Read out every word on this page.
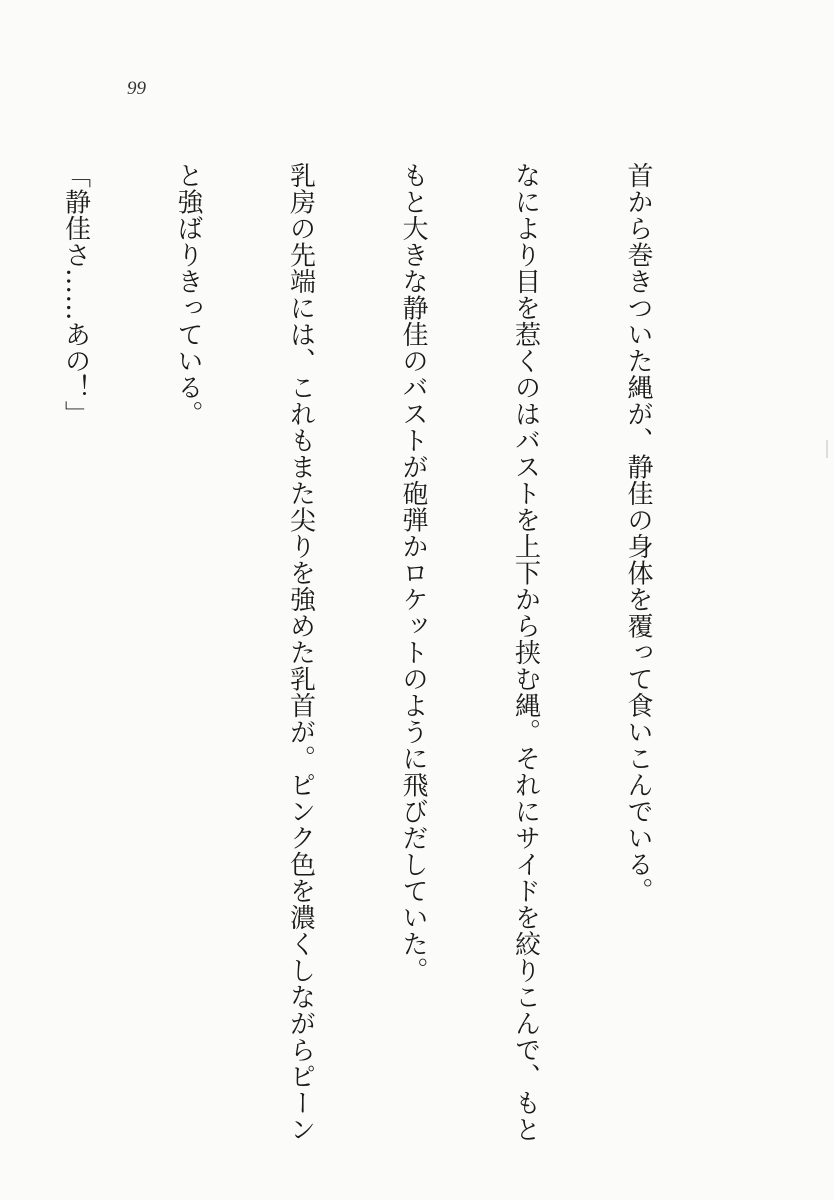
99

首から巻きついた縄が、静佳の身体を覆って食いこんでいる。

なにより目を惹くのはバストを上下から挟む縄。それにサイドを絞りこんで、もと

もと大きな静佳のバストが砲弾かロケットのように飛びだしていた。

乳房の先端には、これもまた尖りを強めた乳首が。ピンク色を濃くしながらピーン

と強ばりきっている。

「静佳さ……あの！」
